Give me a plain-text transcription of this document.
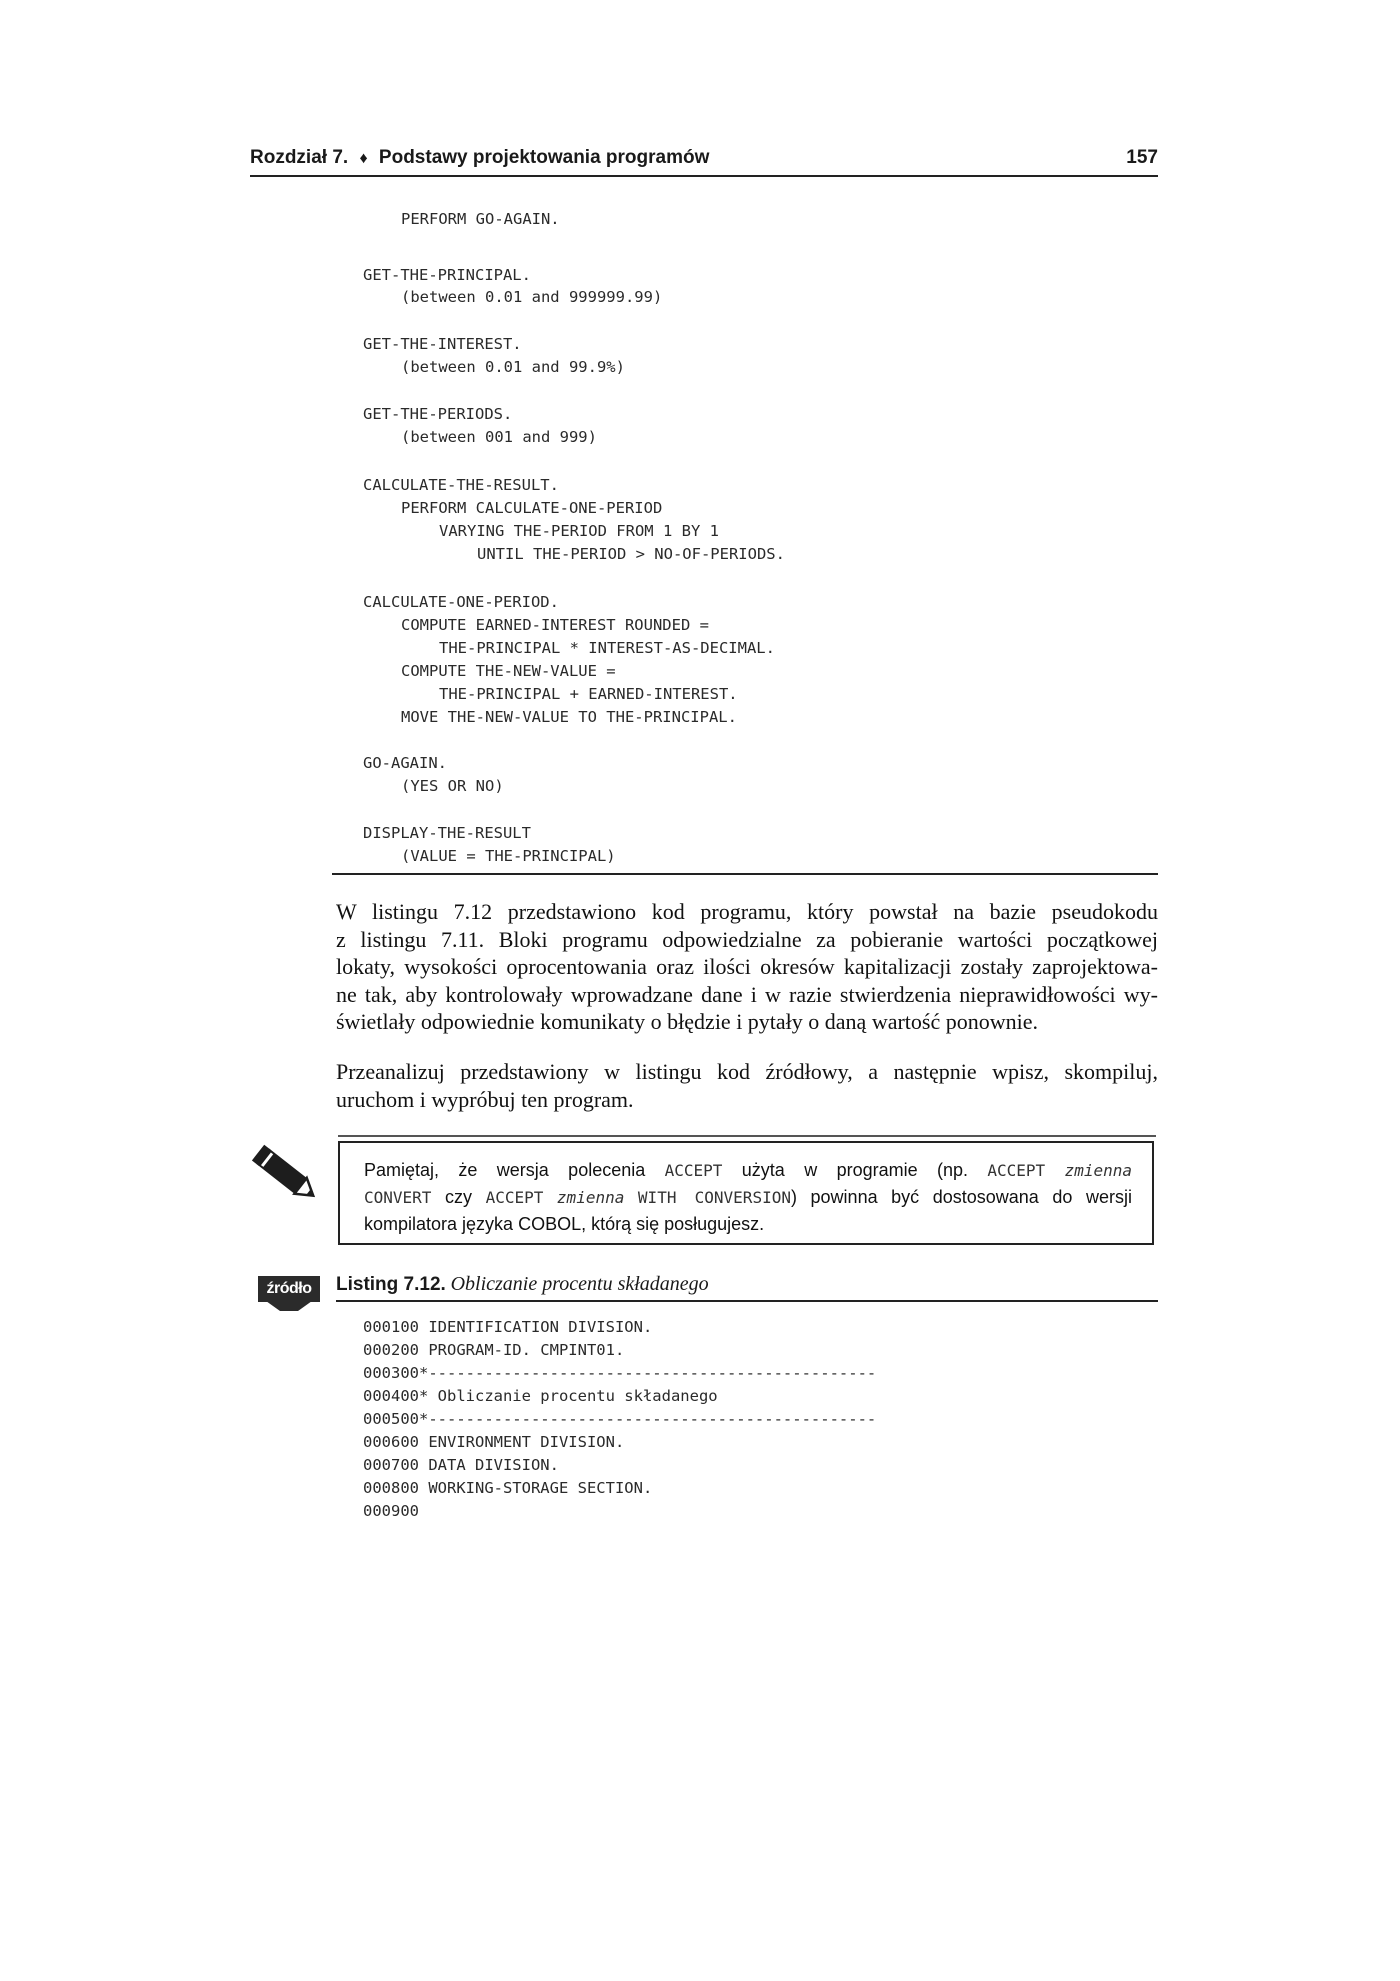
Rozdział 7. ♦ Podstawy projektowania programów	157
PERFORM GO-AGAIN.
GET-THE-PRINCIPAL.
(between 0.01 and 999999.99)
GET-THE-INTEREST.
(between 0.01 and 99.9%)
GET-THE-PERIODS.
(between 001 and 999)
CALCULATE-THE-RESULT.
PERFORM CALCULATE-ONE-PERIOD
VARYING THE-PERIOD FROM 1 BY 1
UNTIL THE-PERIOD > NO-OF-PERIODS.
CALCULATE-ONE-PERIOD.
COMPUTE EARNED-INTEREST ROUNDED =
THE-PRINCIPAL * INTEREST-AS-DECIMAL.
COMPUTE THE-NEW-VALUE =
THE-PRINCIPAL + EARNED-INTEREST.
MOVE THE-NEW-VALUE TO THE-PRINCIPAL.
GO-AGAIN.
(YES OR NO)
DISPLAY-THE-RESULT
(VALUE = THE-PRINCIPAL)
W listingu 7.12 przedstawiono kod programu, który powstał na bazie pseudokodu
z listingu 7.11. Bloki programu odpowiedzialne za pobieranie wartości początkowej
lokaty, wysokości oprocentowania oraz ilości okresów kapitalizacji zostały zaprojektowa-
ne tak, aby kontrolowały wprowadzane dane i w razie stwierdzenia nieprawidłowości wy-
świetlały odpowiednie komunikaty o błędzie i pytały o daną wartość ponownie.
Przeanalizuj przedstawiony w listingu kod źródłowy, a następnie wpisz, skompiluj,
uruchom i wypróbuj ten program.
Pamiętaj, że wersja polecenia ACCEPT użyta w programie (np. ACCEPT zmienna
CONVERT czy ACCEPT zmienna WITH CONVERSION) powinna być dostosowana do wersji
kompilatora języka COBOL, którą się posługujesz.
źródło	Listing 7.12. Obliczanie procentu składanego
000100 IDENTIFICATION DIVISION.
000200 PROGRAM-ID. CMPINT01.
000300*------------------------------------------------
000400* Obliczanie procentu składanego
000500*------------------------------------------------
000600 ENVIRONMENT DIVISION.
000700 DATA DIVISION.
000800 WORKING-STORAGE SECTION.
000900
